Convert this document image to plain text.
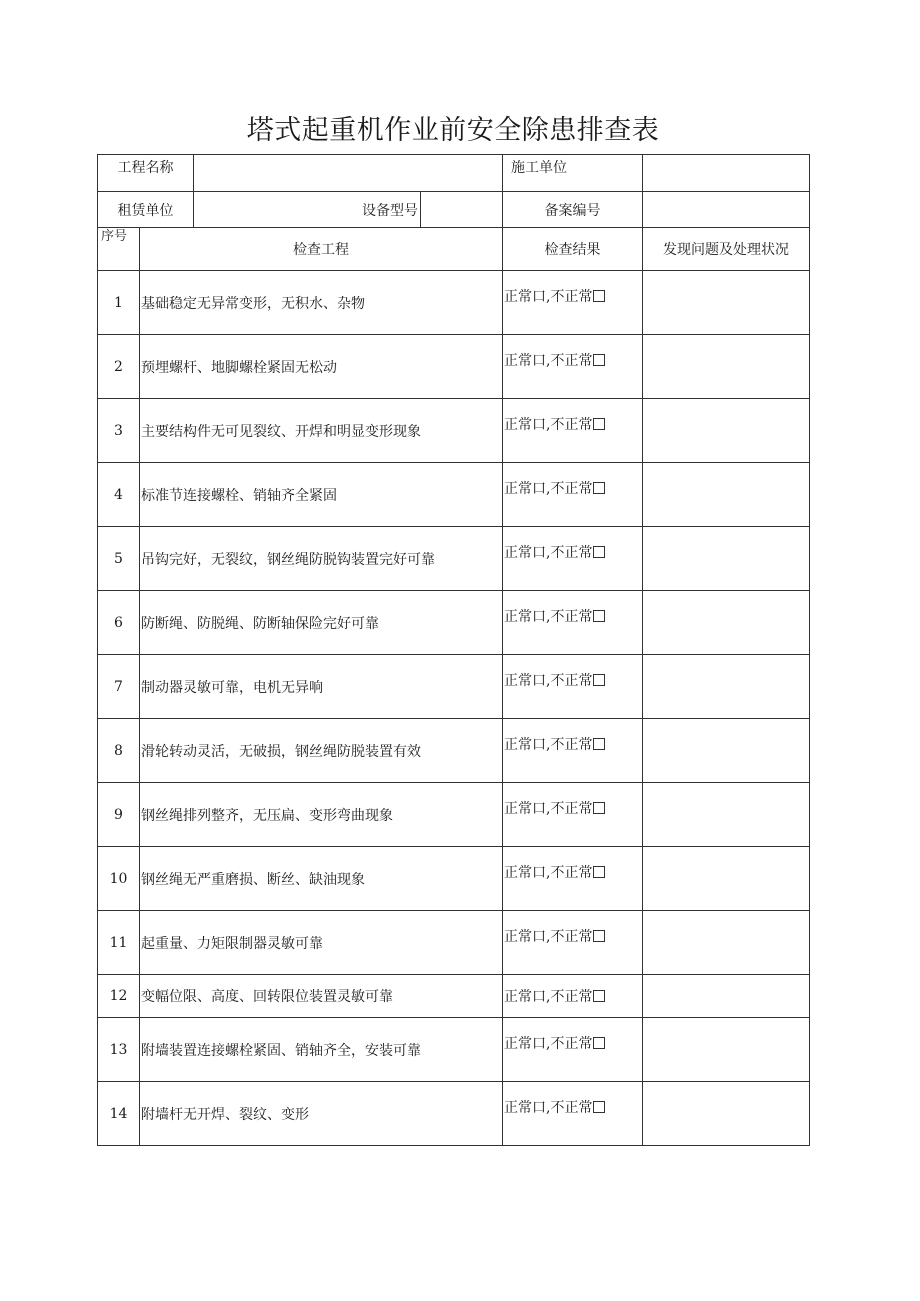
塔式起重机作业前安全除患排查表
工程名称				施工单位	
租赁单位		设备型号		备案编号	
序号	检查工程			检查结果	发现问题及处理状况
1	基础稳定无异常变形，无积水、杂物			正常口,不正常	
2	预埋螺杆、地脚螺栓紧固无松动			正常口,不正常	
3	主要结构件无可见裂纹、开焊和明显变形现象			正常口,不正常	
4	标准节连接螺栓、销轴齐全紧固			正常口,不正常	
5	吊钩完好，无裂纹，钢丝绳防脱钩装置完好可靠			正常口,不正常	
6	防断绳、防脱绳、防断轴保险完好可靠			正常口,不正常	
7	制动器灵敏可靠，电机无异响			正常口,不正常	
8	滑轮转动灵活，无破损，钢丝绳防脱装置有效			正常口,不正常	
9	钢丝绳排列整齐，无压扁、变形弯曲现象			正常口,不正常	
10	钢丝绳无严重磨损、断丝、缺油现象			正常口,不正常	
11	起重量、力矩限制器灵敏可靠			正常口,不正常	
12	变幅位限、高度、回转限位装置灵敏可靠			正常口,不正常	
13	附墙装置连接螺栓紧固、销轴齐全，安装可靠			正常口,不正常	
14	附墙杆无开焊、裂纹、变形			正常口,不正常	
